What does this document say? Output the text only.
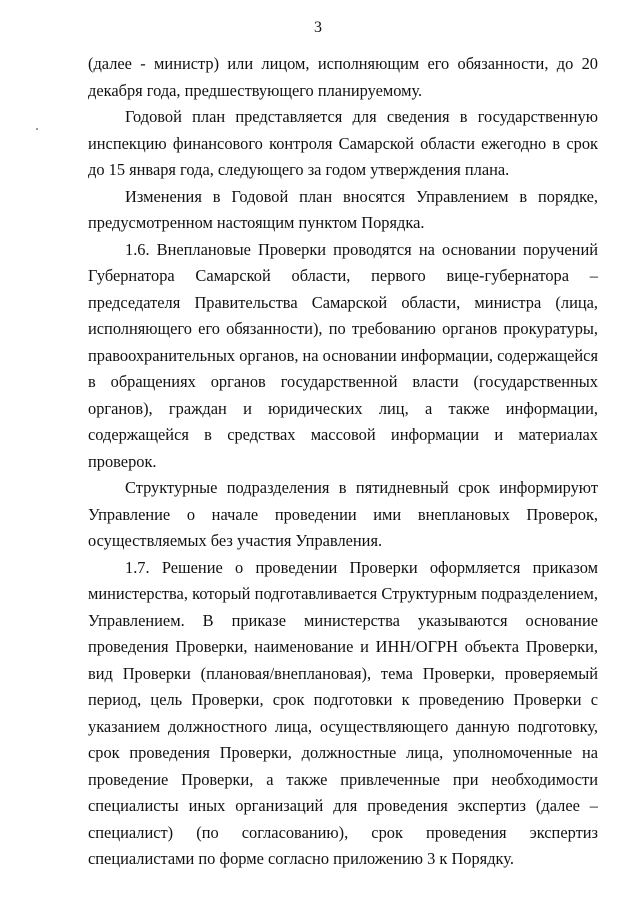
3

(далее - министр) или лицом, исполняющим его обязанности, до 20 декабря года, предшествующего планируемому.

Годовой план представляется для сведения в государственную инспекцию финансового контроля Самарской области ежегодно в срок до 15 января года, следующего за годом утверждения плана.

Изменения в Годовой план вносятся Управлением в порядке, предусмотренном настоящим пунктом Порядка.

1.6. Внеплановые Проверки проводятся на основании поручений Губернатора Самарской области, первого вице-губернатора – председателя Правительства Самарской области, министра (лица, исполняющего его обязанности), по требованию органов прокуратуры, правоохранительных органов, на основании информации, содержащейся в обращениях органов государственной власти (государственных органов), граждан и юридических лиц, а также информации, содержащейся в средствах массовой информации и материалах проверок.

Структурные подразделения в пятидневный срок информируют Управление о начале проведении ими внеплановых Проверок, осуществляемых без участия Управления.

1.7. Решение о проведении Проверки оформляется приказом министерства, который подготавливается Структурным подразделением, Управлением. В приказе министерства указываются основание проведения Проверки, наименование и ИНН/ОГРН объекта Проверки, вид Проверки (плановая/внеплановая), тема Проверки, проверяемый период, цель Проверки, срок подготовки к проведению Проверки с указанием должностного лица, осуществляющего данную подготовку, срок проведения Проверки, должностные лица, уполномоченные на проведение Проверки, а также привлеченные при необходимости специалисты иных организаций для проведения экспертиз (далее – специалист) (по согласованию), срок проведения экспертиз специалистами по форме согласно приложению 3 к Порядку.
